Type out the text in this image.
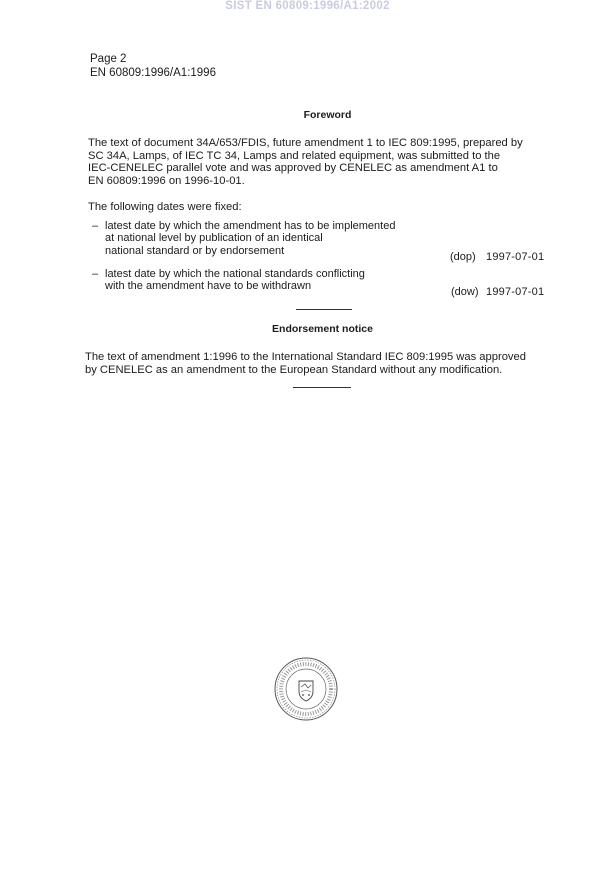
SIST EN 60809:1996/A1:2002
Page 2
EN 60809:1996/A1:1996
Foreword
The text of document 34A/653/FDIS, future amendment 1 to IEC 809:1995, prepared by
SC 34A, Lamps, of IEC TC 34, Lamps and related equipment, was submitted to the
IEC-CENELEC parallel vote and was approved by CENELEC as amendment A1 to
EN 60809:1996 on 1996-10-01.
The following dates were fixed:
– latest date by which the amendment has to be implemented
at national level by publication of an identical
national standard or by endorsement
(dop) 1997-07-01
– latest date by which the national standards conflicting
with the amendment have to be withdrawn	(dow) 1997-07-01
Endorsement notice
The text of amendment 1:1996 to the International Standard IEC 809:1995 was approved
by CENELEC as an amendment to the European Standard without any modification.
